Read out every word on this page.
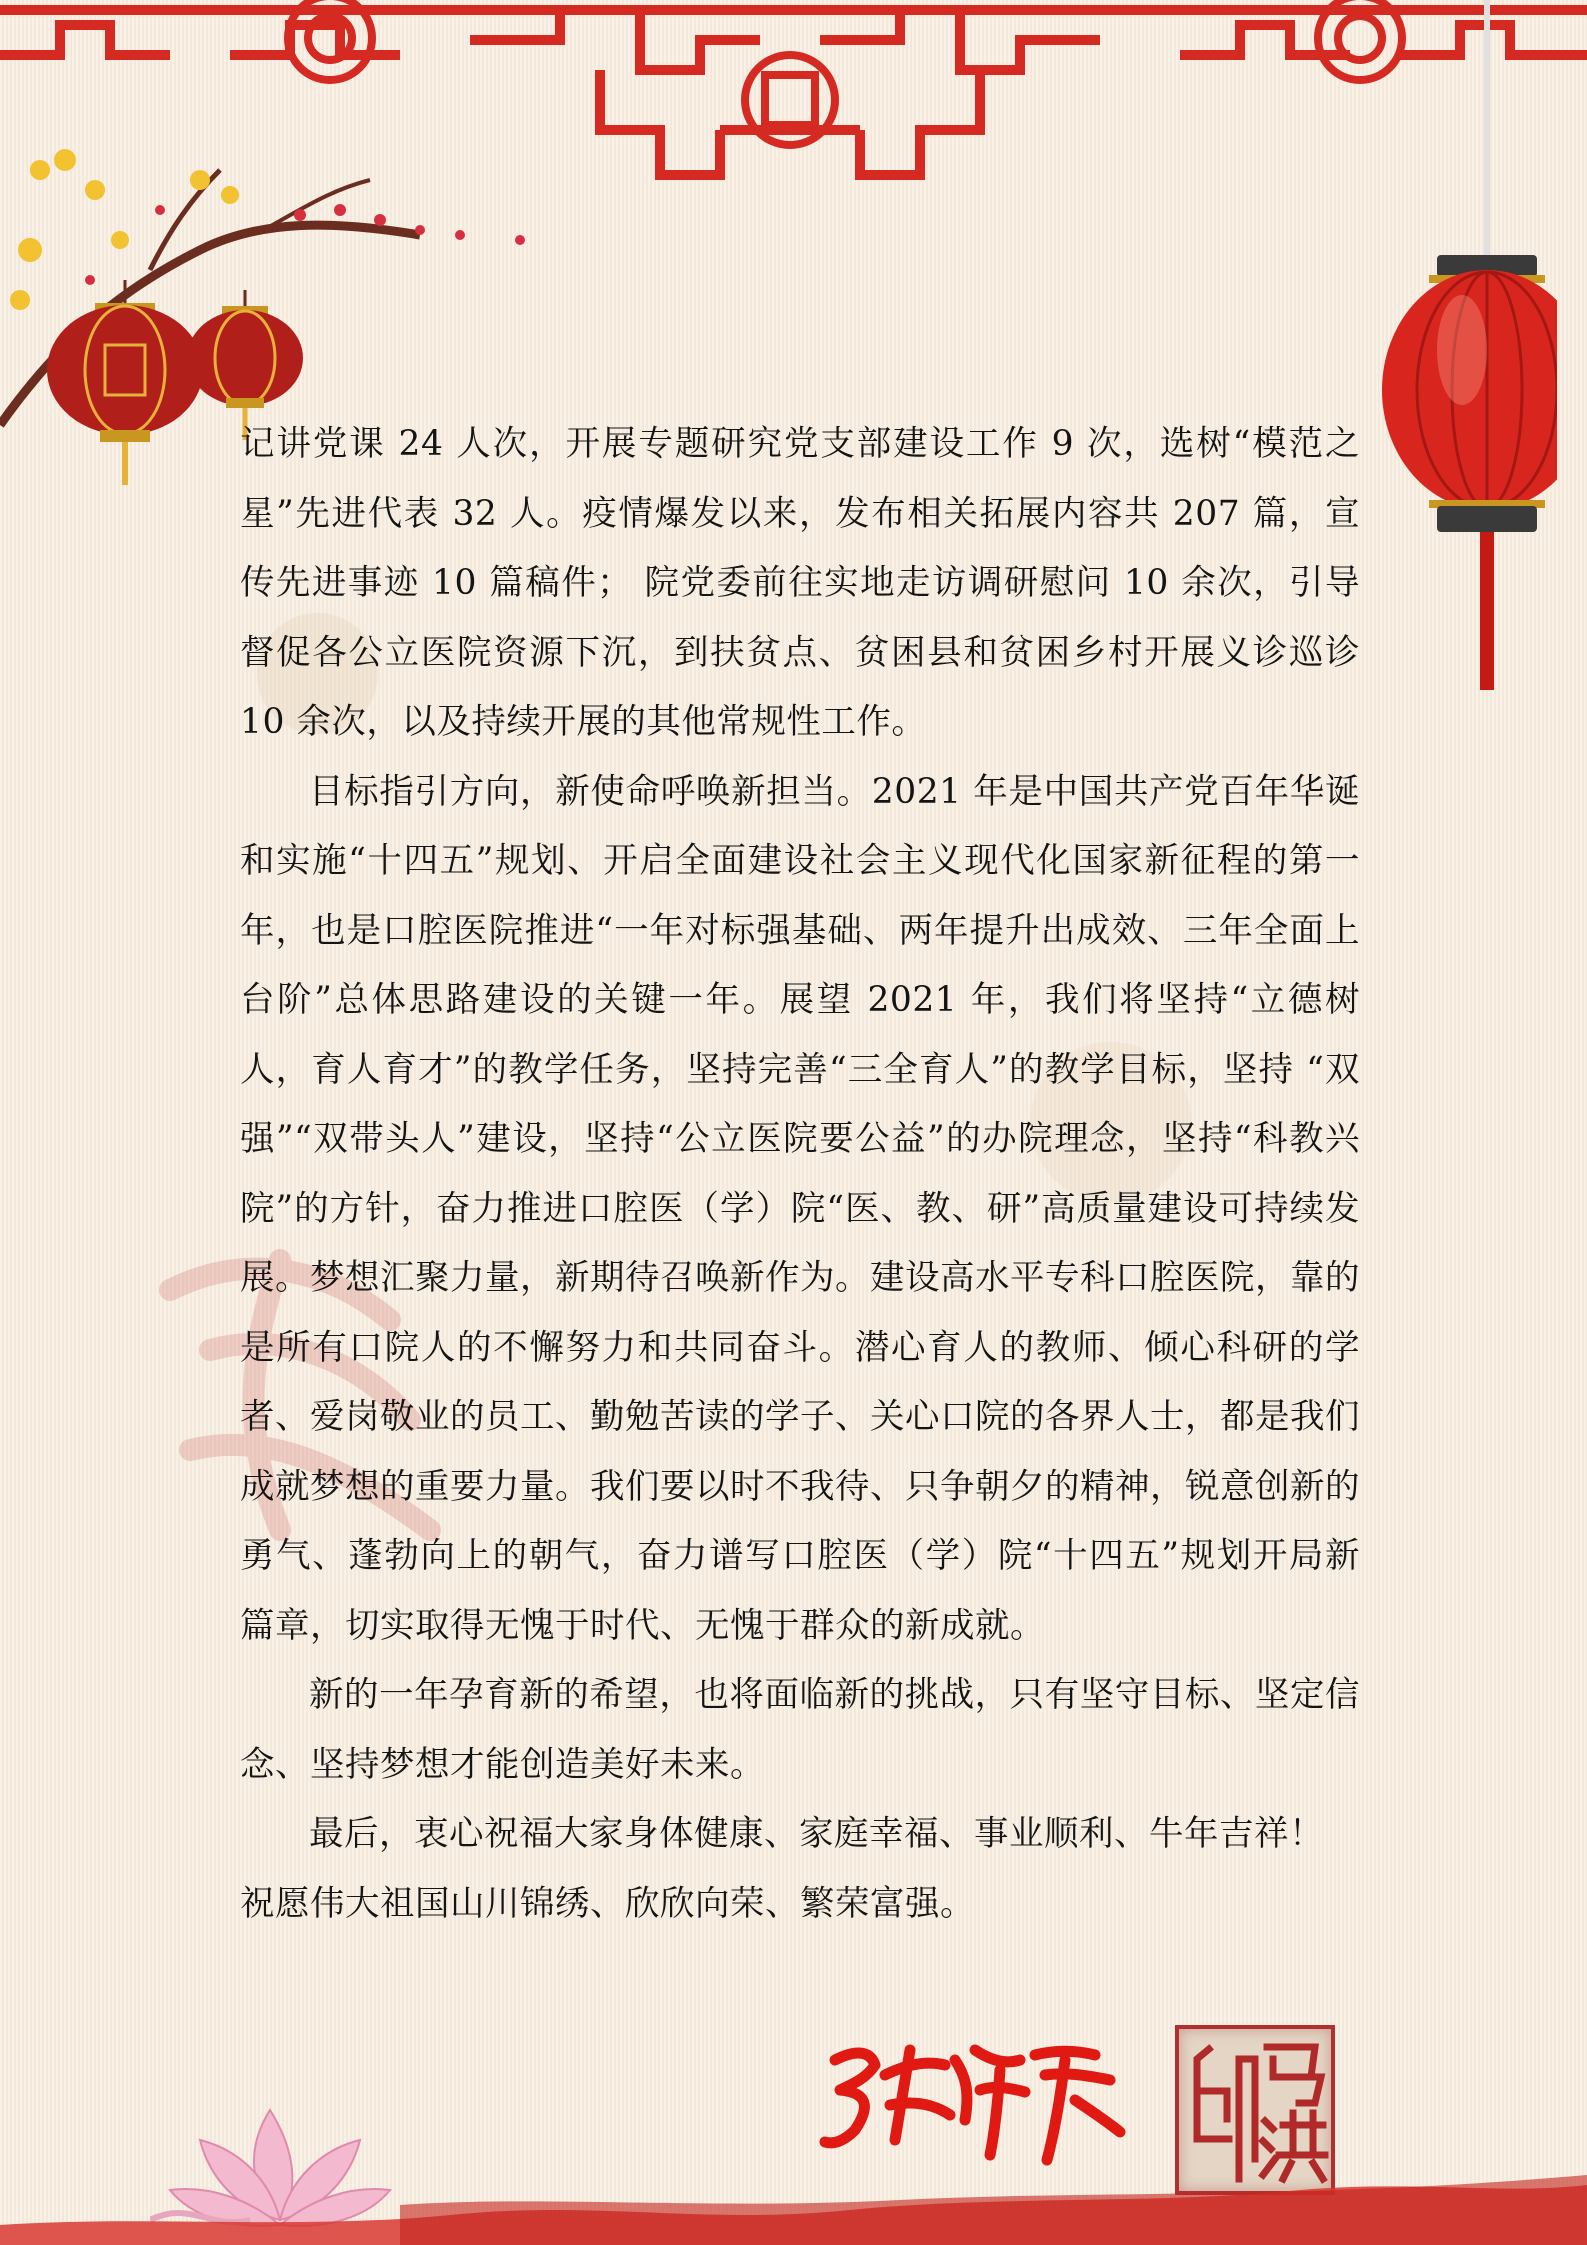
记讲党课 24 人次，开展专题研究党支部建设工作 9 次，选树“模范之星”先进代表 32 人。疫情爆发以来，发布相关拓展内容共 207 篇，宣传先进事迹 10 篇稿件； 院党委前往实地走访调研慰问 10 余次，引导督促各公立医院资源下沉，到扶贫点、贫困县和贫困乡村开展义诊巡诊 10 余次，以及持续开展的其他常规性工作。

目标指引方向，新使命呼唤新担当。2021 年是中国共产党百年华诞和实施“十四五”规划、开启全面建设社会主义现代化国家新征程的第一年，也是口腔医院推进“一年对标强基础、两年提升出成效、三年全面上台阶”总体思路建设的关键一年。展望 2021 年，我们将坚持“立德树人，育人育才”的教学任务，坚持完善“三全育人”的教学目标，坚持 “双强”“双带头人”建设，坚持“公立医院要公益”的办院理念，坚持“科教兴院”的方针，奋力推进口腔医（学）院“医、教、研”高质量建设可持续发展。梦想汇聚力量，新期待召唤新作为。建设高水平专科口腔医院，靠的是所有口院人的不懈努力和共同奋斗。潜心育人的教师、倾心科研的学者、爱岗敬业的员工、勤勉苦读的学子、关心口院的各界人士，都是我们成就梦想的重要力量。我们要以时不我待、只争朝夕的精神，锐意创新的勇气、蓬勃向上的朝气，奋力谱写口腔医（学）院“十四五”规划开局新篇章，切实取得无愧于时代、无愧于群众的新成就。

新的一年孕育新的希望，也将面临新的挑战，只有坚守目标、坚定信念、坚持梦想才能创造美好未来。

最后，衷心祝福大家身体健康、家庭幸福、事业顺利、牛年吉祥！

祝愿伟大祖国山川锦绣、欣欣向荣、繁荣富强。
